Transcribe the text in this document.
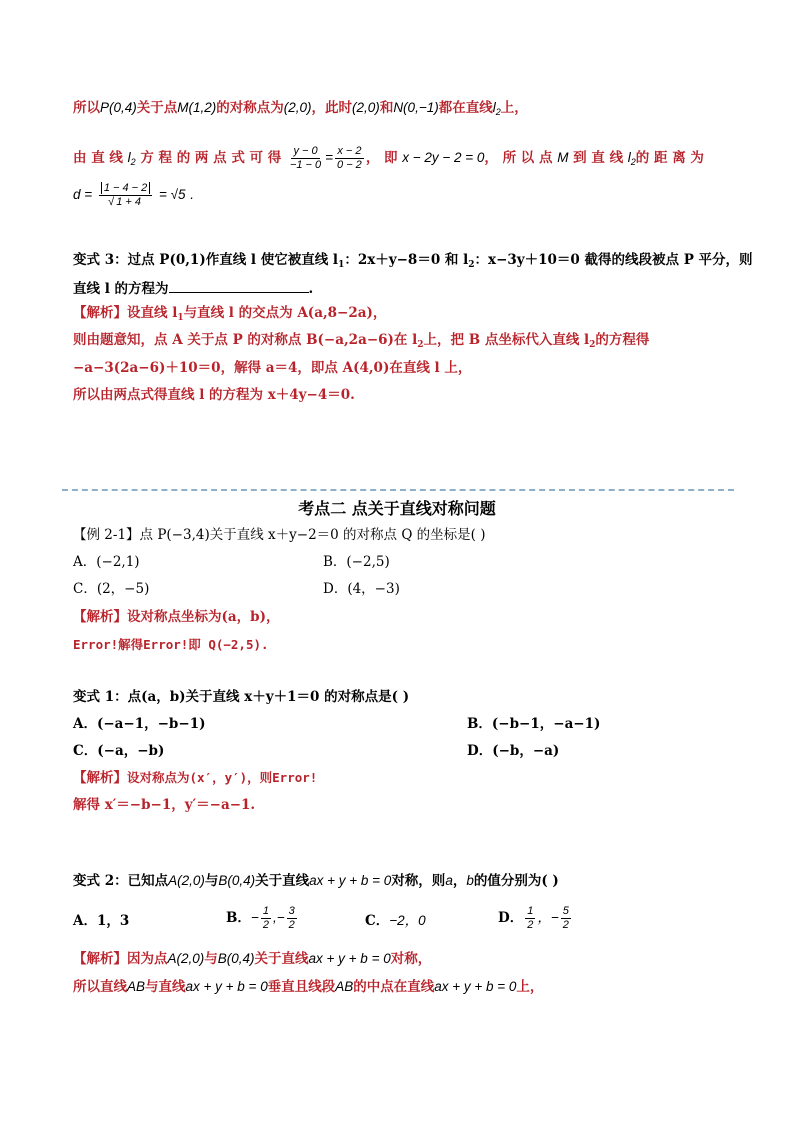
所以P(0,4)关于点M(1,2)的对称点为(2,0)，此时(2,0)和N(0,−1)都在直线$l_2$上，
由 直 线 $l_2$ 方 程 的 两 点 式 可 得 $\frac{y - 0}{-1 - 0} = \frac{x - 2}{0 - 2}$ ， 即 x − 2y − 2 = 0， 所 以 点 M 到 直 线 $l_2$的 距 离 为
$d = \frac{1 - 4 - 2}{√ 1 + 4} = √5$ .
变式 3：过点 P(0,1)作直线 l 使它被直线 $l_1$：2x＋y−8＝0 和 $l_2$：x−3y＋10＝0 截得的线段被点 P 平分，则
直线 l 的方程为	.
【解析】设直线 $l_1$与直线 l 的交点为 A(a,8−2a)，
则由题意知，点 A 关于点 P 的对称点 B(−a,2a−6)在 $l_2$上，把 B 点坐标代入直线 $l_2$的方程得
−a−3(2a−6)＋10＝0，解得 a＝4，即点 A(4,0)在直线 l 上，
所以由两点式得直线 l 的方程为 x＋4y−4＝0.
考点二 点关于直线对称问题
【例 2-1】点 P(−3,4)关于直线 x＋y−2＝0 的对称点 Q 的坐标是( )
A．(−2,1)	B．(−2,5)
C．(2，−5)	D．(4，−3)
【解析】设对称点坐标为(a，b)，
Error!解得Error!即 Q(−2,5).
变式 1：点(a，b)关于直线 x＋y＋1＝0 的对称点是( )
A．(−a−1，−b−1)	B．(−b−1，−a−1)
C．(−a，−b)	D．(−b，−a)
【解析】设对称点为(x′，y′)，则Error!
解得 x′＝−b−1，y′＝−a−1.
变式 2：已知点A(2,0)与B(0,4)关于直线ax + y + b = 0对称，则a，b的值分别为( )
A．1，3	B．− $\frac{1}{2}$ ,− $\frac{3}{2}$	C．−2，0	D． $\frac{1}{2}$ ，− $\frac{5}{2}$
【解析】因为点A(2,0)与B(0,4)关于直线ax + y + b = 0对称，
所以直线AB与直线ax + y + b = 0垂直且线段AB的中点在直线ax + y + b = 0上，
